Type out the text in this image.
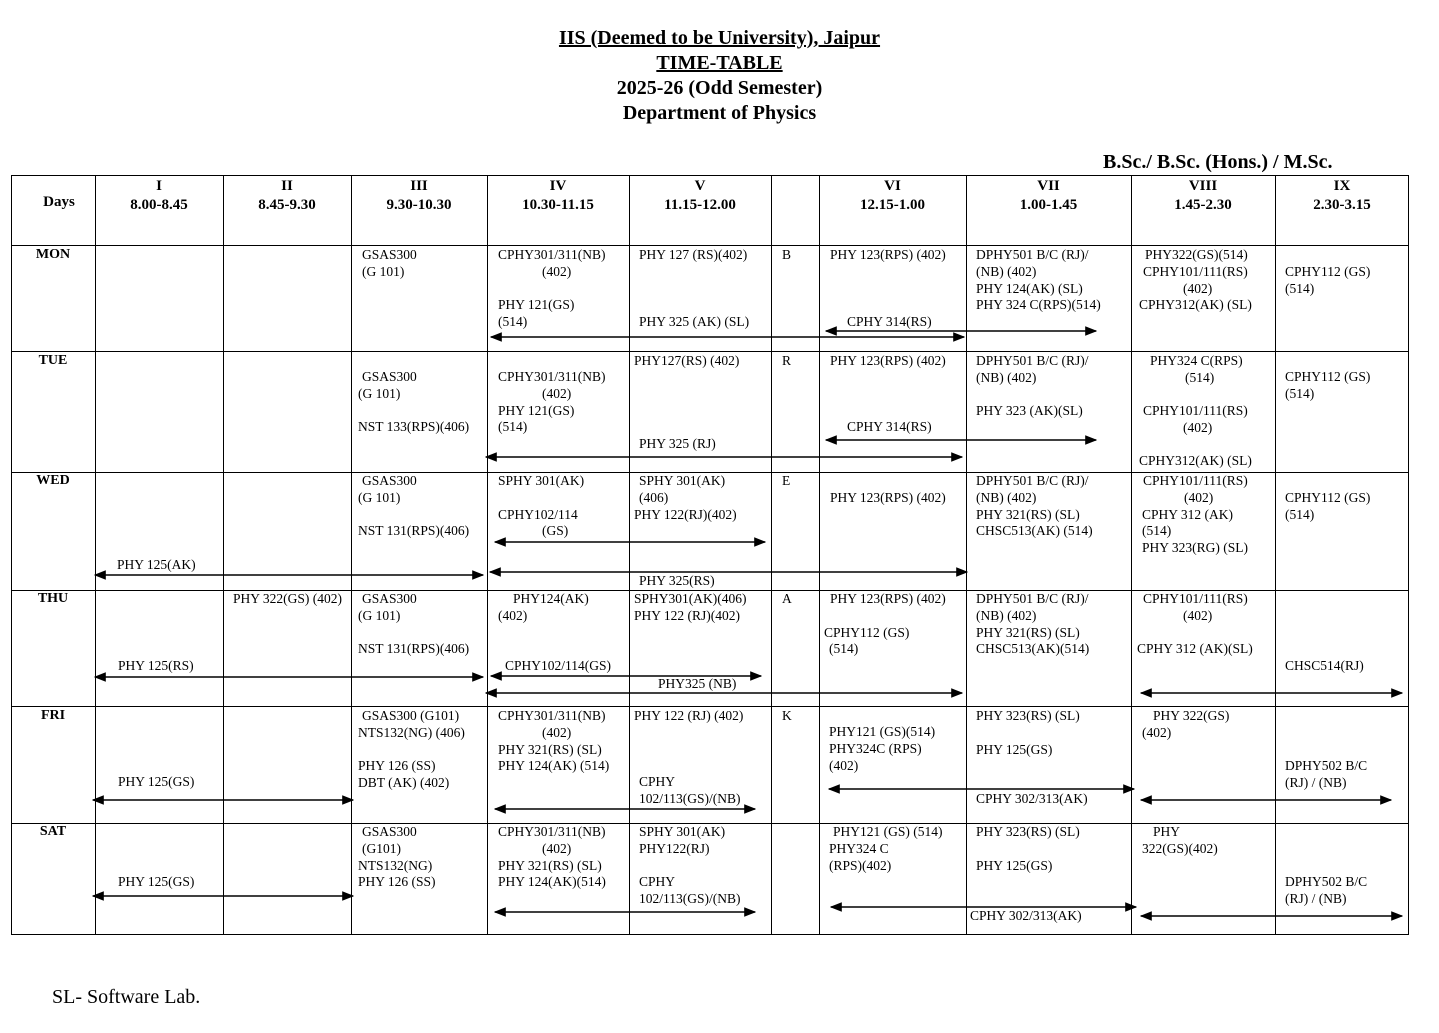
IIS (Deemed to be University), Jaipur
TIME-TABLE
2025-26 (Odd Semester)
Department of Physics
B.Sc./ B.Sc. (Hons.) / M.Sc.
Days
I
8.00-8.45
II
8.45-9.30
III
9.30-10.30
IV
10.30-11.15
V
11.15-12.00
VI
12.15-1.00
VII
1.00-1.45
VIII
1.45-2.30
IX
2.30-3.15
MON
TUE
WED
THU
FRI
SAT
B
R
E
A
K
GSAS300
(G 101)
CPHY301/311(NB)
(402)
PHY 121(GS)
(514)
PHY 127 (RS)(402)
PHY 325 (AK) (SL)
PHY 123(RPS) (402)
CPHY 314(RS)
DPHY501 B/C (RJ)/
(NB) (402)
PHY 124(AK) (SL)
PHY 324 C(RPS)(514)
PHY322(GS)(514)
CPHY101/111(RS)
(402)
CPHY312(AK) (SL)
CPHY112 (GS)
(514)
GSAS300
(G 101)

NST 133(RPS)(406)
CPHY301/311(NB)
(402)
PHY 121(GS)
(514)
PHY127(RS) (402)
PHY 325 (RJ)
PHY 123(RPS) (402)
CPHY 314(RS)
DPHY501 B/C (RJ)/
(NB) (402)

PHY 323 (AK)(SL)
PHY324 C(RPS)
(514)

CPHY101/111(RS)
(402)
CPHY312(AK) (SL)
CPHY112 (GS)
(514)
PHY 125(AK)
GSAS300
(G 101)

NST 131(RPS)(406)
SPHY 301(AK)

CPHY102/114
(GS)
SPHY 301(AK)
(406)
PHY 122(RJ)(402)
PHY 325(RS)
PHY 123(RPS) (402)
DPHY501 B/C (RJ)/
(NB) (402)
PHY 321(RS) (SL)
CHSC513(AK) (514)
CPHY101/111(RS)
(402)
CPHY 312 (AK)
(514)
PHY 323(RG) (SL)
CPHY112 (GS)
(514)
PHY 125(RS)
PHY 322(GS) (402) GSAS300
(G 101)

NST 131(RPS)(406)
PHY124(AK)
(402)
CPHY102/114(GS)
SPHY301(AK)(406)
PHY 122 (RJ)(402)
PHY325 (NB)
PHY 123(RPS) (402)

CPHY112 (GS)
(514)
DPHY501 B/C (RJ)/
(NB) (402)
PHY 321(RS) (SL)
CHSC513(AK)(514)
CPHY101/111(RS)
(402)

CPHY 312 (AK)(SL)
CHSC514(RJ)
PHY 125(GS)
GSAS300 (G101)
NTS132(NG) (406)

PHY 126 (SS)
DBT (AK) (402)
CPHY301/311(NB)
(402)
PHY 321(RS) (SL)
PHY 124(AK) (514)
PHY 122 (RJ) (402)
CPHY
102/113(GS)/(NB)
PHY121 (GS)(514)
PHY324C (RPS)
(402)
PHY 323(RS) (SL)

PHY 125(GS)
CPHY 302/313(AK)
PHY 322(GS)
(402)
DPHY502 B/C
(RJ) / (NB)
PHY 125(GS)
GSAS300
(G101)
NTS132(NG)
PHY 126 (SS)
CPHY301/311(NB)
(402)
PHY 321(RS) (SL)
PHY 124(AK)(514)
SPHY 301(AK)
PHY122(RJ)

CPHY
102/113(GS)/(NB)
PHY121 (GS) (514)
PHY324 C
(RPS)(402)
PHY 323(RS) (SL)

PHY 125(GS)
CPHY 302/313(AK)
PHY
322(GS)(402)
DPHY502 B/C
(RJ) / (NB)
SL- Software Lab.
